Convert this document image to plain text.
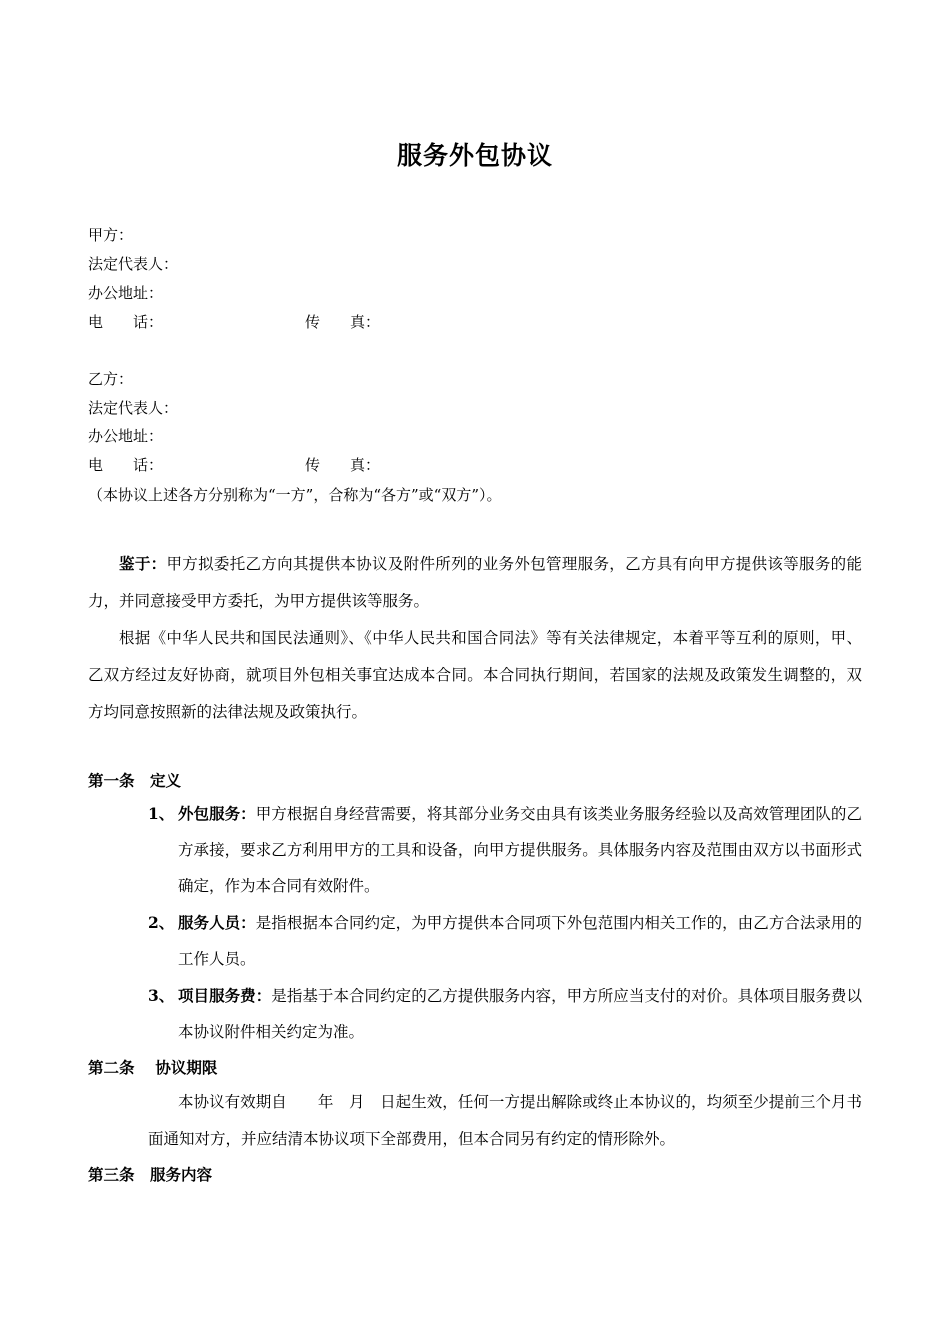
服务外包协议
甲方：
法定代表人：
办公地址：
电　　话：	传　　真：
乙方：
法定代表人：
办公地址：
电　　话：	传　　真：
（本协议上述各方分别称为“一方”，合称为“各方”或“双方”）。

鉴于：甲方拟委托乙方向其提供本协议及附件所列的业务外包管理服务，乙方具有向甲方提供该等服务的能力，并同意接受甲方委托，为甲方提供该等服务。

根据《中华人民共和国民法通则》、《中华人民共和国合同法》等有关法律规定，本着平等互利的原则，甲、乙双方经过友好协商，就项目外包相关事宜达成本合同。本合同执行期间，若国家的法规及政策发生调整的，双方均同意按照新的法律法规及政策执行。

第一条　定义
1、 外包服务：甲方根据自身经营需要，将其部分业务交由具有该类业务服务经验以及高效管理团队的乙方承接，要求乙方利用甲方的工具和设备，向甲方提供服务。具体服务内容及范围由双方以书面形式确定，作为本合同有效附件。
2、 服务人员：是指根据本合同约定，为甲方提供本合同项下外包范围内相关工作的，由乙方合法录用的工作人员。
3、 项目服务费：是指基于本合同约定的乙方提供服务内容，甲方所应当支付的对价。具体项目服务费以本协议附件相关约定为准。
第二条　 协议期限
本协议有效期自　　年　月　日起生效，任何一方提出解除或终止本协议的，均须至少提前三个月书面通知对方，并应结清本协议项下全部费用，但本合同另有约定的情形除外。
第三条　服务内容
